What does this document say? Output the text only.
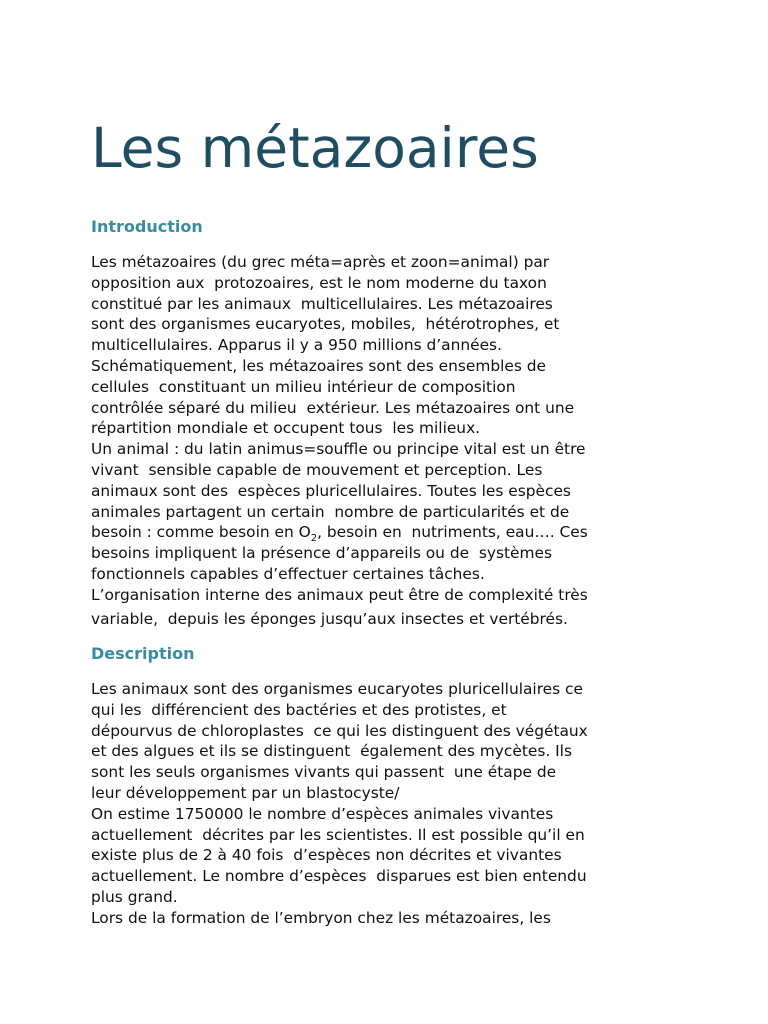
Les métazoaires
Introduction
Les métazoaires (du grec méta=après et zoon=animal) par
opposition aux  protozoaires, est le nom moderne du taxon
constitué par les animaux  multicellulaires. Les métazoaires
sont des organismes eucaryotes, mobiles,  hétérotrophes, et
multicellulaires. Apparus il y a 950 millions d’années.
Schématiquement, les métazoaires sont des ensembles de
cellules  constituant un milieu intérieur de composition
contrôlée séparé du milieu  extérieur. Les métazoaires ont une
répartition mondiale et occupent tous  les milieux.
Un animal : du latin animus=souffle ou principe vital est un être
vivant  sensible capable de mouvement et perception. Les
animaux sont des  espèces pluricellulaires. Toutes les espèces
animales partagent un certain  nombre de particularités et de
besoin : comme besoin en $O_2$, besoin en  nutriments, eau…. Ces
besoins impliquent la présence d’appareils ou de  systèmes
fonctionnels capables d’effectuer certaines tâches.
L’organisation interne des animaux peut être de complexité très
variable,  depuis les éponges jusqu’aux insectes et vertébrés.
Description
Les animaux sont des organismes eucaryotes pluricellulaires ce
qui les  différencient des bactéries et des protistes, et
dépourvus de chloroplastes  ce qui les distinguent des végétaux
et des algues et ils se distinguent  également des mycètes. Ils
sont les seuls organismes vivants qui passent  une étape de
leur développement par un blastocyste/
On estime 1750000 le nombre d’espèces animales vivantes
actuellement  décrites par les scientistes. Il est possible qu’il en
existe plus de 2 à 40 fois  d’espèces non décrites et vivantes
actuellement. Le nombre d’espèces  disparues est bien entendu
plus grand.
Lors de la formation de l’embryon chez les métazoaires, les
